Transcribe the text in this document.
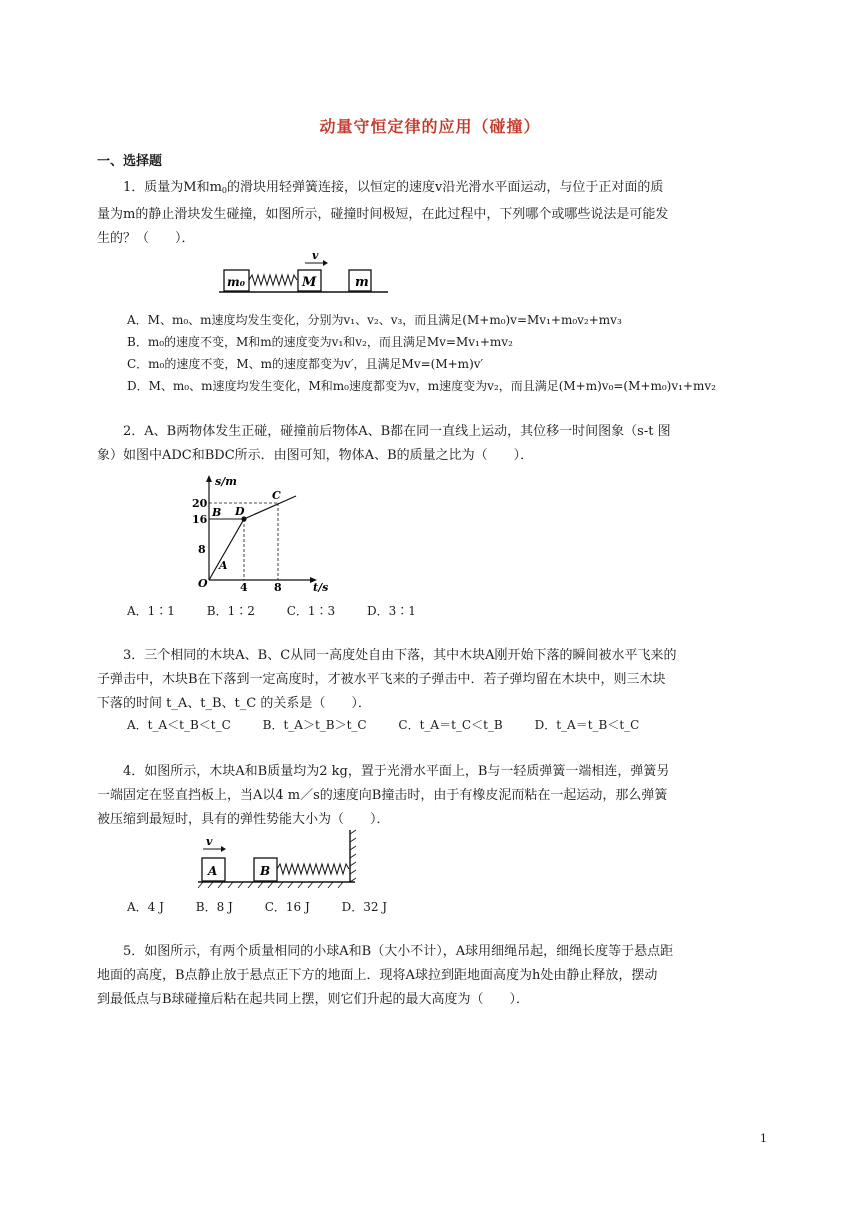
动量守恒定律的应用（碰撞）
一、选择题
1．质量为M和$m_0$的滑块用轻弹簧连接，以恒定的速度v沿光滑水平面运动，与位于正对面的质
量为m的静止滑块发生碰撞，如图所示，碰撞时间极短，在此过程中，下列哪个或哪些说法是可能发
生的？（　　）．
m₀	M
v
m
A．M、m₀、m速度均发生变化，分别为v₁、v₂、v₃，而且满足(M+m₀)v=Mv₁+m₀v₂+mv₃
B．m₀的速度不变，M和m的速度变为v₁和v₂，而且满足Mv=Mv₁+mv₂
C．m₀的速度不变，M、m的速度都变为v′，且满足Mv=(M+m)v′
D．M、m₀、m速度均发生变化，M和m₀速度都变为v，m速度变为v₂，而且满足(M+m)v₀=(M+m₀)v₁+mv₂
2．A、B两物体发生正碰，碰撞前后物体A、B都在同一直线上运动，其位移一时间图象（s-t 图
象）如图中ADC和BDC所示．由图可知，物体A、B的质量之比为（　　）．
s/m
t/s
20
16
8
4 8
O
B D
C
A
A．1∶1	B．1∶2	C．1∶3	D．3∶1
3．三个相同的木块A、B、C从同一高度处自由下落，其中木块A刚开始下落的瞬间被水平飞来的
子弹击中，木块B在下落到一定高度时，才被水平飞来的子弹击中．若子弹均留在木块中，则三木块
下落的时间 t_A、t_B、t_C 的关系是（　　）．
A．t_A＜t_B＜t_C	B．t_A＞t_B＞t_C	C．t_A＝t_C＜t_B	D．t_A＝t_B＜t_C
4．如图所示，木块A和B质量均为2 kg，置于光滑水平面上，B与一轻质弹簧一端相连，弹簧另
一端固定在竖直挡板上，当A以4 m／s的速度向B撞击时，由于有橡皮泥而粘在一起运动，那么弹簧
被压缩到最短时，具有的弹性势能大小为（　　）．
A
v
B
A．4 J	B．8 J	C．16 J	D．32 J
5．如图所示，有两个质量相同的小球A和B（大小不计），A球用细绳吊起，细绳长度等于悬点距
地面的高度，B点静止放于悬点正下方的地面上．现将A球拉到距地面高度为h处由静止释放，摆动
到最低点与B球碰撞后粘在起共同上摆，则它们升起的最大高度为（　　）．
1
